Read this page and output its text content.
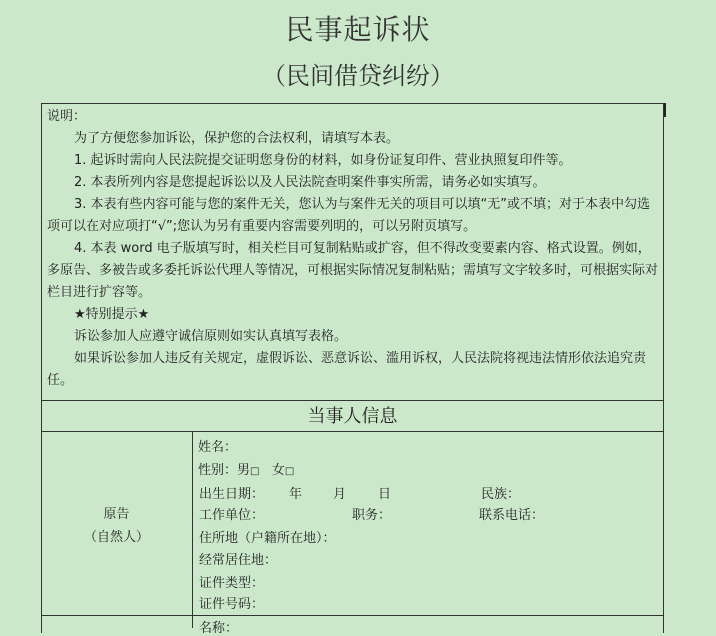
民事起诉状
（民间借贷纠纷）

说明：

为了方便您参加诉讼，保护您的合法权利，请填写本表。

1. 起诉时需向人民法院提交证明您身份的材料，如身份证复印件、营业执照复印件等。

2. 本表所列内容是您提起诉讼以及人民法院查明案件事实所需，请务必如实填写。

3. 本表有些内容可能与您的案件无关，您认为与案件无关的项目可以填“无”或不填；对于本表中勾选项可以在对应项打“√”;您认为另有重要内容需要列明的，可以另附页填写。

4. 本表 word 电子版填写时，相关栏目可复制粘贴或扩容，但不得改变要素内容、格式设置。例如，多原告、多被告或多委托诉讼代理人等情况，可根据实际情况复制粘贴；需填写文字较多时，可根据实际对栏目进行扩容等。

★特别提示★

诉讼参加人应遵守诚信原则如实认真填写表格。

如果诉讼参加人违反有关规定，虚假诉讼、恶意诉讼、滥用诉权，人民法院将视违法情形依法追究责任。

当事人信息
原告
（自然人）
姓名：
性别：男□ 女□
出生日期： 年 月 日	民族：
工作单位：	职务：	联系电话：
住所地（户籍所在地）：
经常居住地：
证件类型：
证件号码：
名称：
